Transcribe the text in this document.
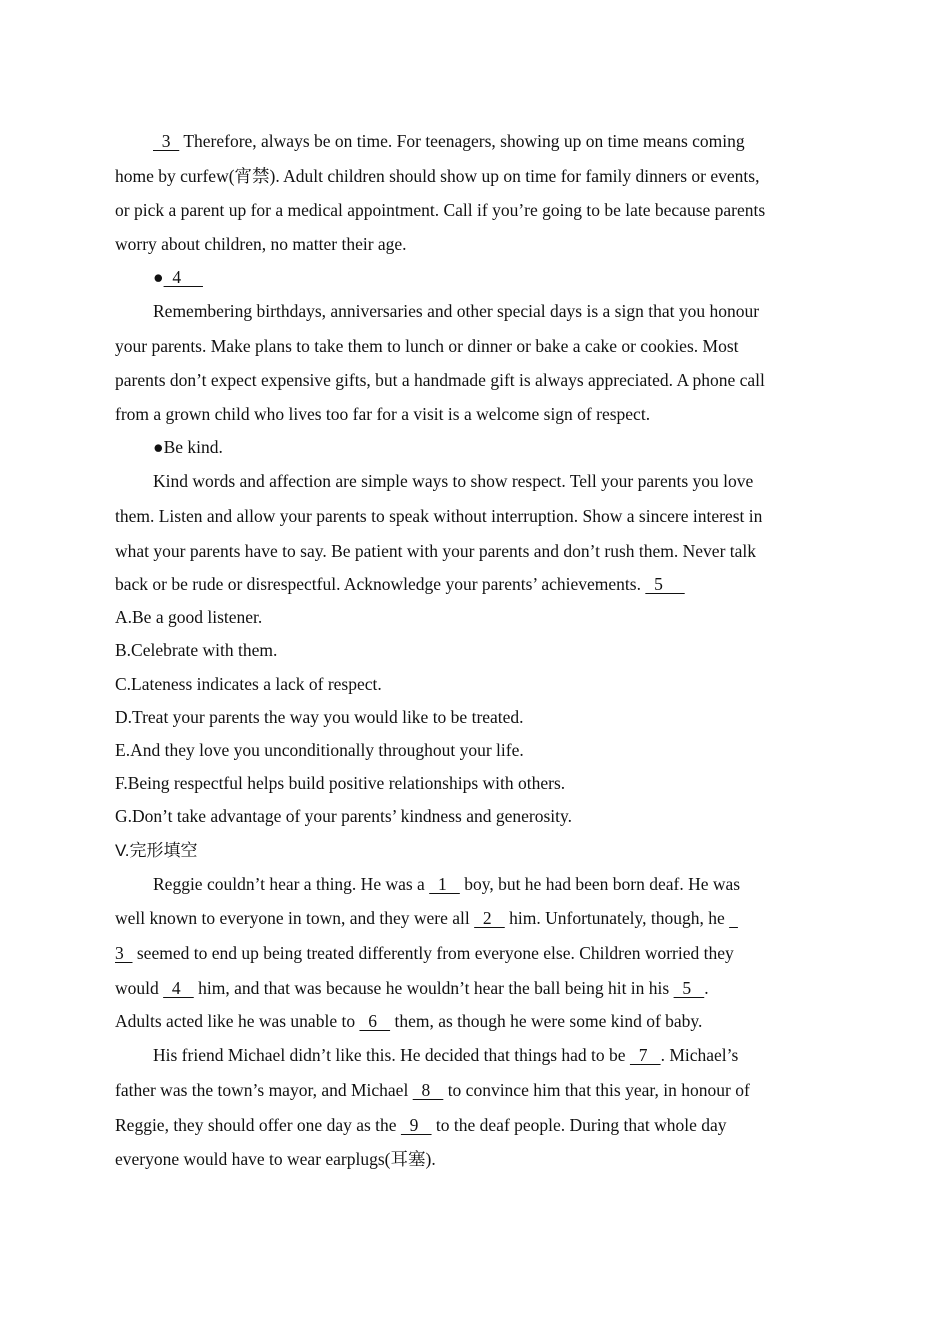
3   Therefore, always be on time. For teenagers, showing up on time means coming
home by curfew(宵禁). Adult children should show up on time for family dinners or events,
or pick a parent up for a medical appointment. Call if you’re going to be late because parents
worry about children, no matter their age.
●  4
Remembering birthdays, anniversaries and other special days is a sign that you honour
your parents. Make plans to take them to lunch or dinner or bake a cake or cookies. Most
parents don’t expect expensive gifts, but a handmade gift is always appreciated. A phone call
from a grown child who lives too far for a visit is a welcome sign of respect.
●Be kind.
Kind words and affection are simple ways to show respect. Tell your parents you love
them. Listen and allow your parents to speak without interruption. Show a sincere interest in
what your parents have to say. Be patient with your parents and don’t rush them. Never talk
back or be rude or disrespectful. Acknowledge your parents’ achievements.   5
A.Be a good listener.
B.Celebrate with them.
C.Lateness indicates a lack of respect.
D.Treat your parents the way you would like to be treated.
E.And they love you unconditionally throughout your life.
F.Being respectful helps build positive relationships with others.
G.Don’t take advantage of your parents’ kindness and generosity.
V.完形填空
Reggie couldn’t hear a thing. He was a   1    boy, but he had been born deaf. He was
well known to everyone in town, and they were all   2    him. Unfortunately, though, he
3   seemed to end up being treated differently from everyone else. Children worried they
would   4    him, and that was because he wouldn’t hear the ball being hit in his   5   .
Adults acted like he was unable to   6    them, as though he were some kind of baby.
His friend Michael didn’t like this. He decided that things had to be   7   . Michael’s
father was the town’s mayor, and Michael   8    to convince him that this year, in honour of
Reggie, they should offer one day as the   9    to the deaf people. During that whole day
everyone would have to wear earplugs(耳塞).
